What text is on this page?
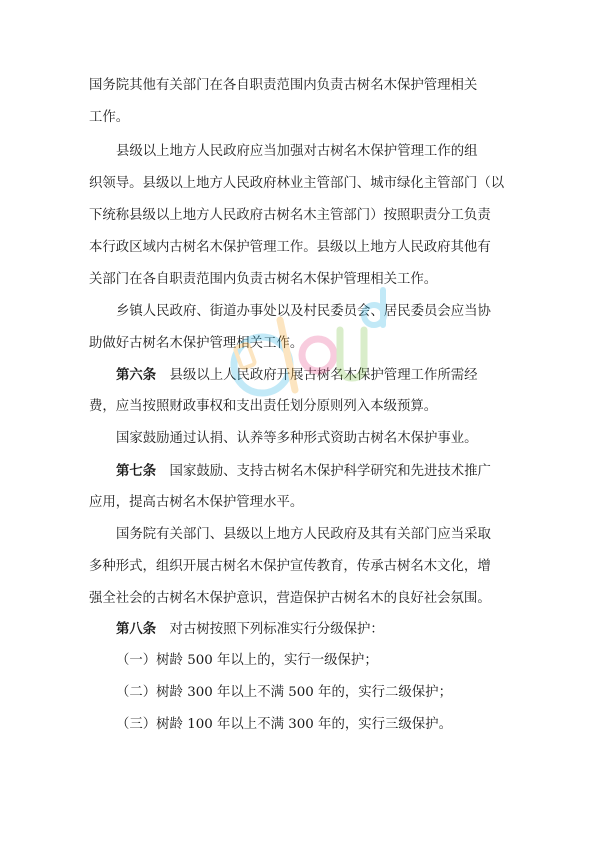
国务院其他有关部门在各自职责范围内负责古树名木保护管理相关
工作。
县级以上地方人民政府应当加强对古树名木保护管理工作的组
织领导。县级以上地方人民政府林业主管部门、城市绿化主管部门（以
下统称县级以上地方人民政府古树名木主管部门）按照职责分工负责
本行政区域内古树名木保护管理工作。县级以上地方人民政府其他有
关部门在各自职责范围内负责古树名木保护管理相关工作。
乡镇人民政府、街道办事处以及村民委员会、居民委员会应当协
助做好古树名木保护管理相关工作。
第六条　县级以上人民政府开展古树名木保护管理工作所需经
费，应当按照财政事权和支出责任划分原则列入本级预算。
国家鼓励通过认捐、认养等多种形式资助古树名木保护事业。
第七条　国家鼓励、支持古树名木保护科学研究和先进技术推广
应用，提高古树名木保护管理水平。
国务院有关部门、县级以上地方人民政府及其有关部门应当采取
多种形式，组织开展古树名木保护宣传教育，传承古树名木文化，增
强全社会的古树名木保护意识，营造保护古树名木的良好社会氛围。
第八条　对古树按照下列标准实行分级保护：
（一）树龄 500 年以上的，实行一级保护；
（二）树龄 300 年以上不满 500 年的，实行二级保护；
（三）树龄 100 年以上不满 300 年的，实行三级保护。
